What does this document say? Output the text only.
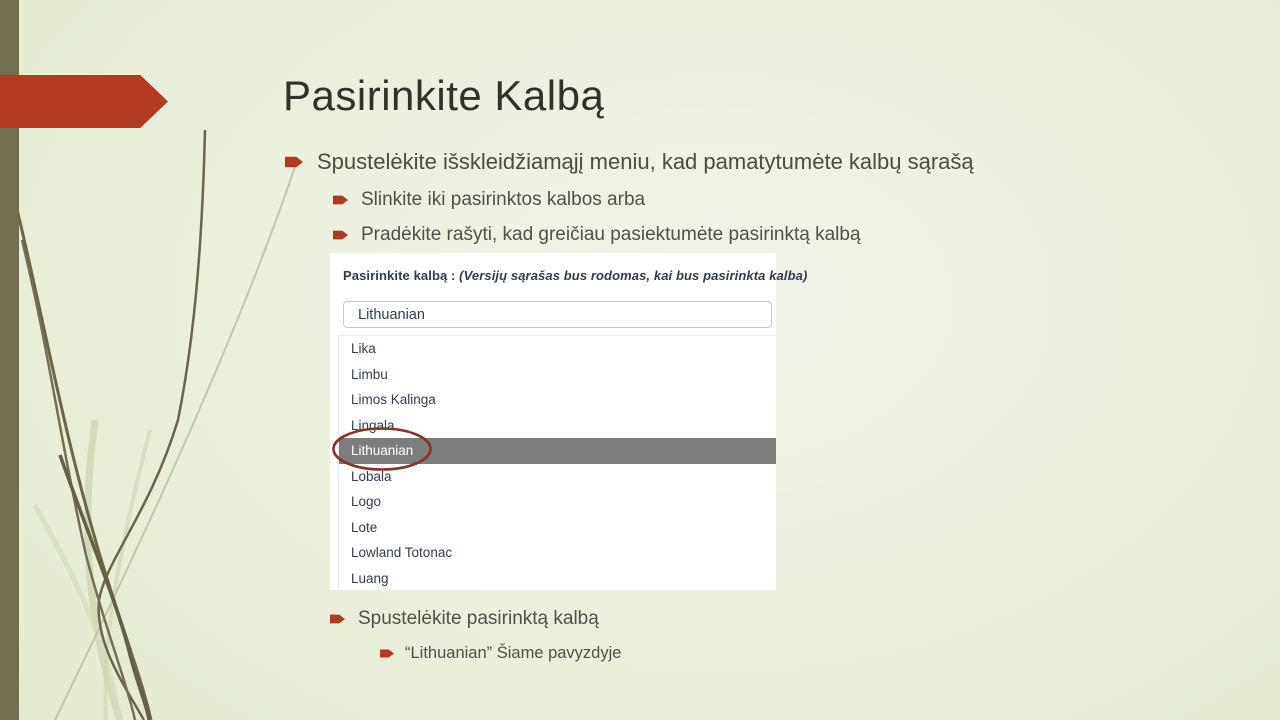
Pasirinkite Kalbą
Spustelėkite išskleidžiamąjį meniu, kad pamatytumėte kalbų sąrašą
Slinkite iki pasirinktos kalbos arba
Pradėkite rašyti, kad greičiau pasiektumėte pasirinktą kalbą
Pasirinkite kalbą : (Versijų sąrašas bus rodomas, kai bus pasirinkta kalba)
Lithuanian
Lika
Limbu
Limos Kalinga
Lingala
Lithuanian
Lobala
Logo
Lote
Lowland Totonac
Luang
Spustelėkite pasirinktą kalbą
“Lithuanian” Šiame pavyzdyje
